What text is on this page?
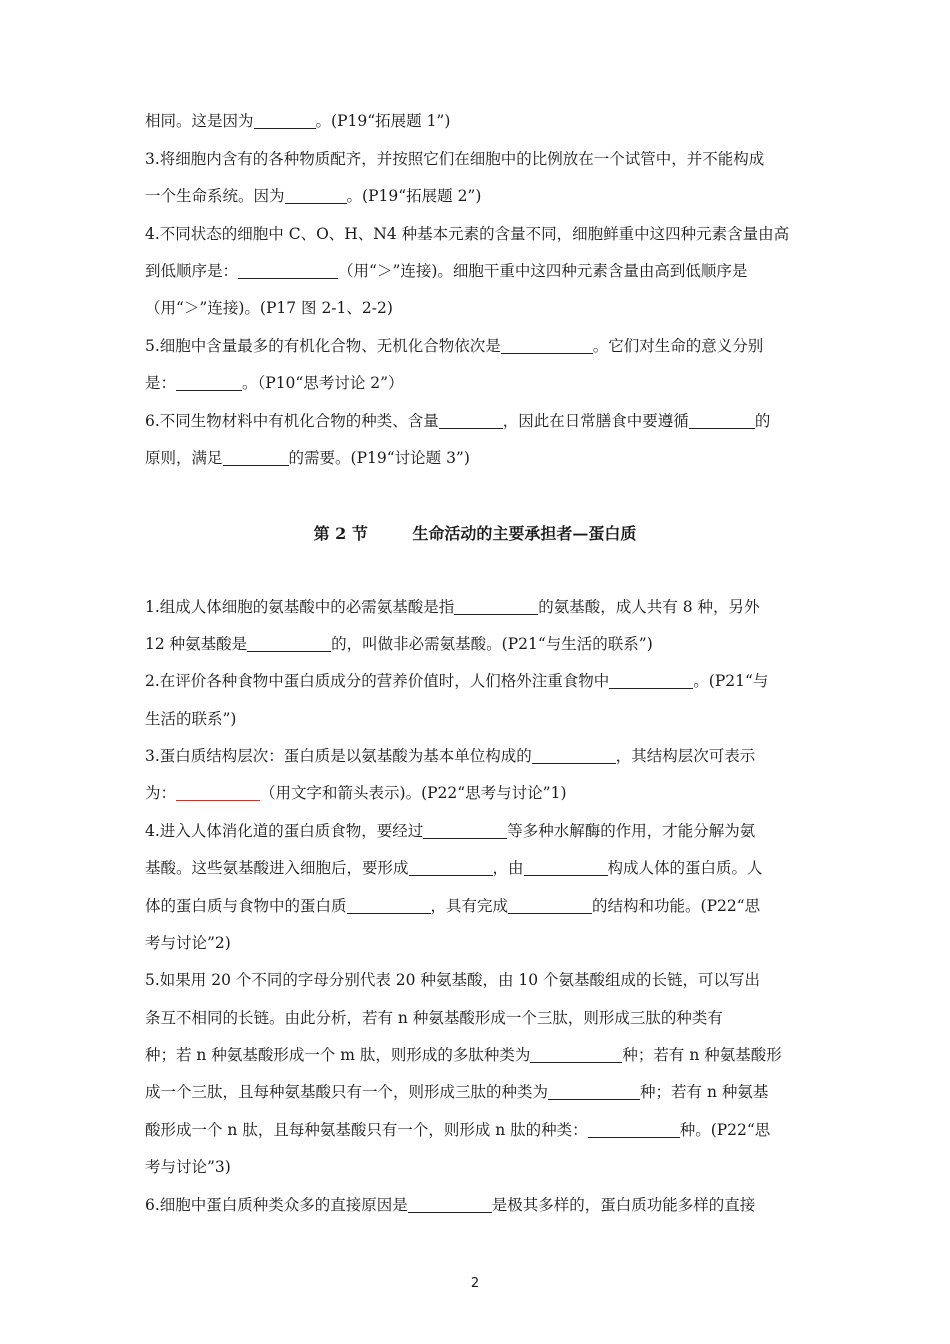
相同。这是因为	。(P19“拓展题 1”)
3.将细胞内含有的各种物质配齐，并按照它们在细胞中的比例放在一个试管中，并不能构成
一个生命系统。因为	。(P19“拓展题 2”)
4.不同状态的细胞中 C、O、H、N4 种基本元素的含量不同，细胞鲜重中这四种元素含量由高
到低顺序是：	（用“＞”连接)。细胞干重中这四种元素含量由高到低顺序是
（用“＞”连接)。(P17 图 2-1、2-2)
5.细胞中含量最多的有机化合物、无机化合物依次是	。它们对生命的意义分别
是：	。（P10“思考讨论 2”）
6.不同生物材料中有机化合物的种类、含量	，因此在日常膳食中要遵循	的
原则，满足	的需要。(P19“讨论题 3”)
第 2 节        生命活动的主要承担者—蛋白质
1.组成人体细胞的氨基酸中的必需氨基酸是指	的氨基酸，成人共有 8 种，另外
12 种氨基酸是	的，叫做非必需氨基酸。(P21“与生活的联系”)
2.在评价各种食物中蛋白质成分的营养价值时，人们格外注重食物中	。(P21“与
生活的联系”)
3.蛋白质结构层次：蛋白质是以氨基酸为基本单位构成的	，其结构层次可表示
为：	（用文字和箭头表示)。(P22“思考与讨论”1)
4.进入人体消化道的蛋白质食物，要经过	等多种水解酶的作用，才能分解为氨
基酸。这些氨基酸进入细胞后，要形成	，由	构成人体的蛋白质。人
体的蛋白质与食物中的蛋白质	，具有完成	的结构和功能。(P22“思
考与讨论”2)
5.如果用 20 个不同的字母分别代表 20 种氨基酸，由 10 个氨基酸组成的长链，可以写出
条互不相同的长链。由此分析，若有 n 种氨基酸形成一个三肽，则形成三肽的种类有
种；若 n 种氨基酸形成一个 m 肽，则形成的多肽种类为	种；若有 n 种氨基酸形
成一个三肽，且每种氨基酸只有一个，则形成三肽的种类为	种；若有 n 种氨基
酸形成一个 n 肽，且每种氨基酸只有一个，则形成 n 肽的种类：	种。(P22“思
考与讨论”3)
6.细胞中蛋白质种类众多的直接原因是	是极其多样的，蛋白质功能多样的直接
2
